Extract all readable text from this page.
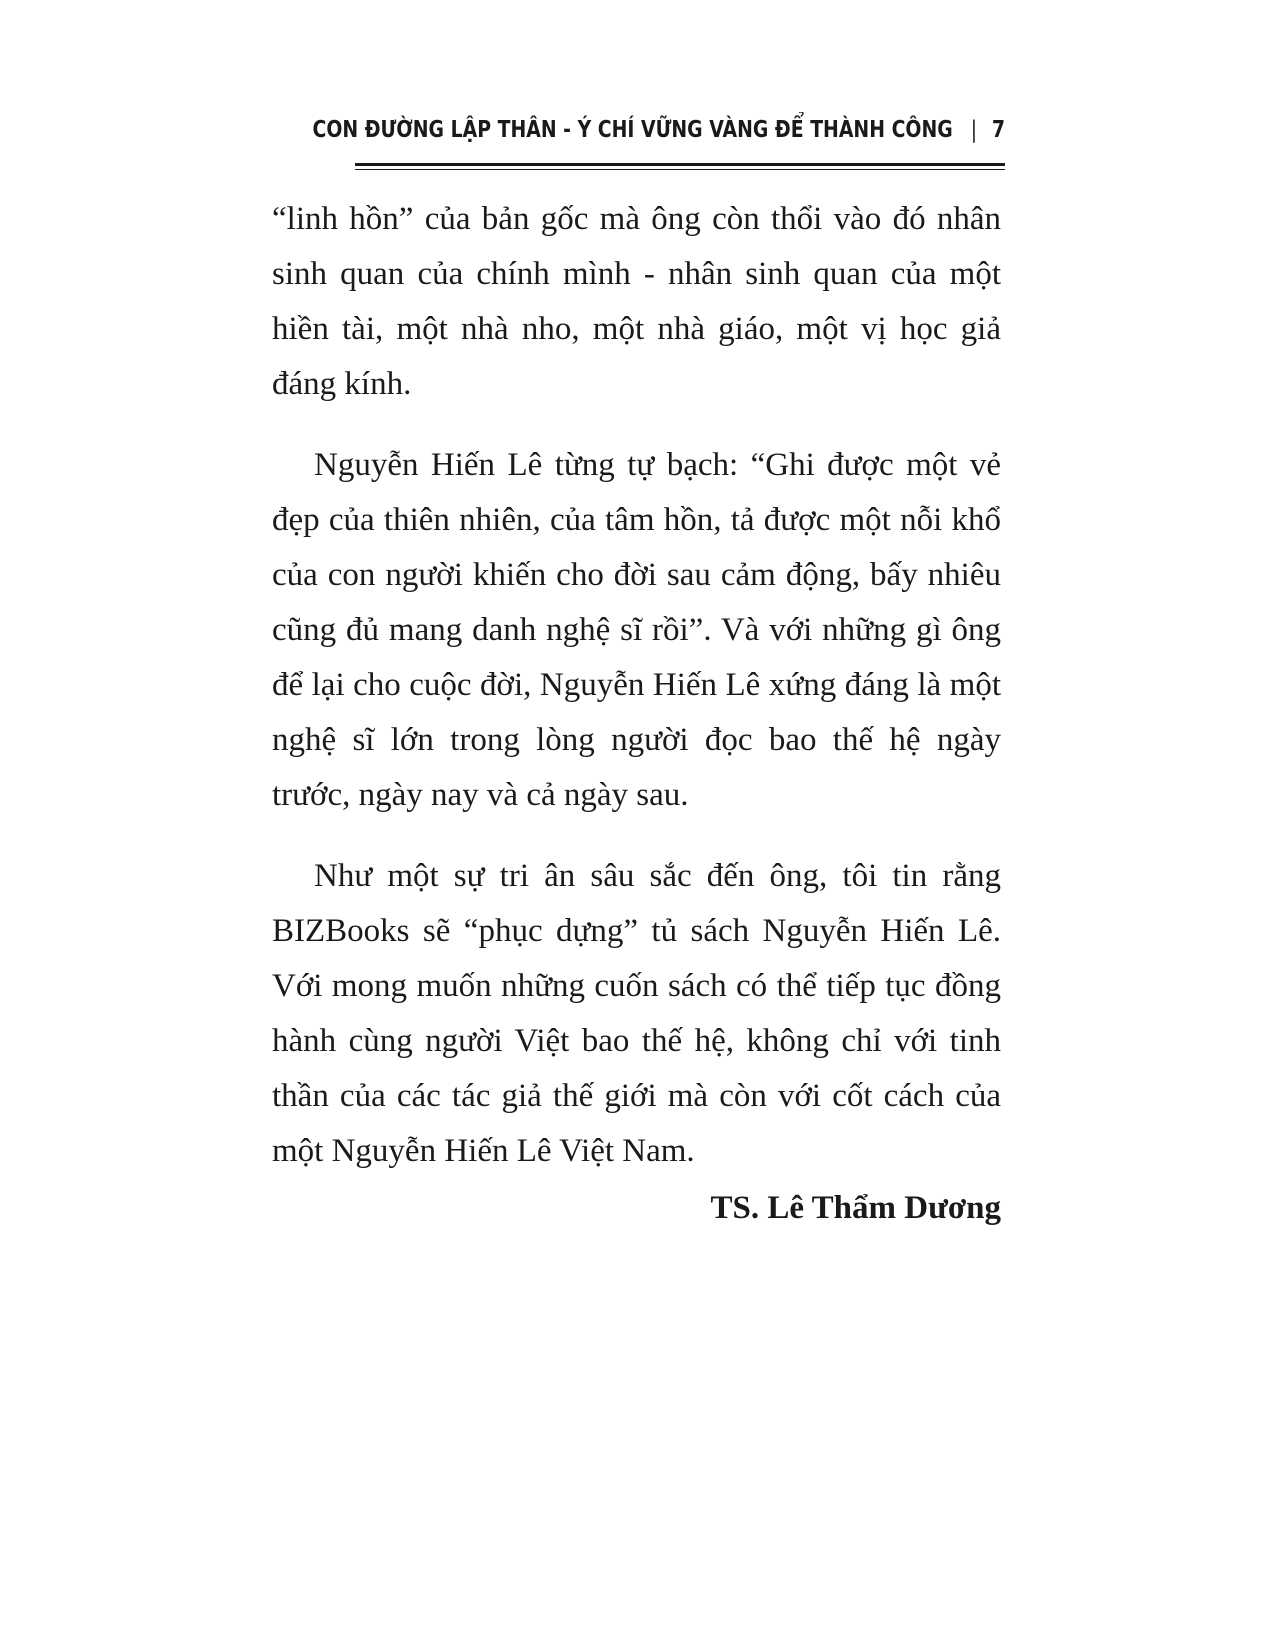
CON ĐƯỜNG LẬP THÂN - Ý CHÍ VỮNG VÀNG ĐỂ THÀNH CÔNG | 7

“linh hồn” của bản gốc mà ông còn thổi vào đó nhân sinh quan của chính mình - nhân sinh quan của một hiền tài, một nhà nho, một nhà giáo, một vị học giả đáng kính.

Nguyễn Hiến Lê từng tự bạch: “Ghi được một vẻ đẹp của thiên nhiên, của tâm hồn, tả được một nỗi khổ của con người khiến cho đời sau cảm động, bấy nhiêu cũng đủ mang danh nghệ sĩ rồi”. Và với những gì ông để lại cho cuộc đời, Nguyễn Hiến Lê xứng đáng là một nghệ sĩ lớn trong lòng người đọc bao thế hệ ngày trước, ngày nay và cả ngày sau.

Như một sự tri ân sâu sắc đến ông, tôi tin rằng BIZBooks sẽ “phục dựng” tủ sách Nguyễn Hiến Lê. Với mong muốn những cuốn sách có thể tiếp tục đồng hành cùng người Việt bao thế hệ, không chỉ với tinh thần của các tác giả thế giới mà còn với cốt cách của một Nguyễn Hiến Lê Việt Nam.

TS. Lê Thẩm Dương
